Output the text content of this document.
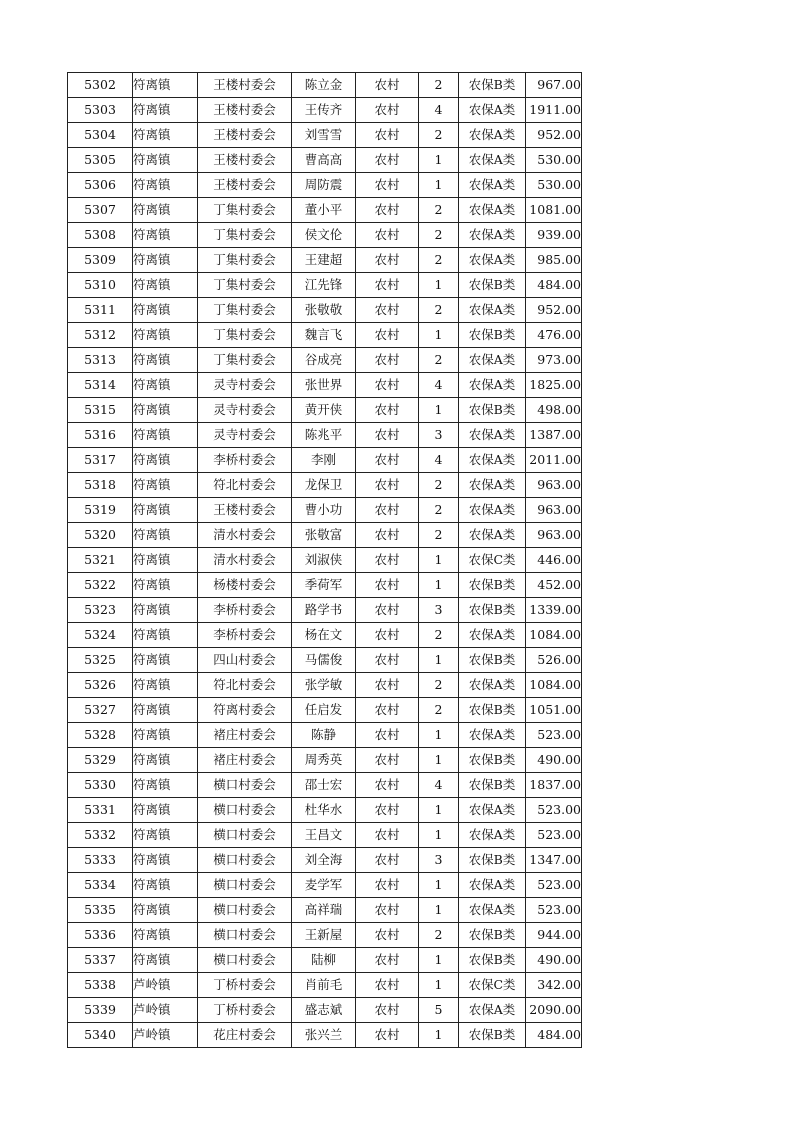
5302	符离镇	王楼村委会	陈立金	农村	2	农保B类	967.00
5303	符离镇	王楼村委会	王传齐	农村	4	农保A类	1911.00
5304	符离镇	王楼村委会	刘雪雪	农村	2	农保A类	952.00
5305	符离镇	王楼村委会	曹高高	农村	1	农保A类	530.00
5306	符离镇	王楼村委会	周防震	农村	1	农保A类	530.00
5307	符离镇	丁集村委会	董小平	农村	2	农保A类	1081.00
5308	符离镇	丁集村委会	侯文伦	农村	2	农保A类	939.00
5309	符离镇	丁集村委会	王建超	农村	2	农保A类	985.00
5310	符离镇	丁集村委会	江先锋	农村	1	农保B类	484.00
5311	符离镇	丁集村委会	张敬敬	农村	2	农保A类	952.00
5312	符离镇	丁集村委会	魏言飞	农村	1	农保B类	476.00
5313	符离镇	丁集村委会	谷成亮	农村	2	农保A类	973.00
5314	符离镇	灵寺村委会	张世界	农村	4	农保A类	1825.00
5315	符离镇	灵寺村委会	黄开侠	农村	1	农保B类	498.00
5316	符离镇	灵寺村委会	陈兆平	农村	3	农保A类	1387.00
5317	符离镇	李桥村委会	李刚	农村	4	农保A类	2011.00
5318	符离镇	符北村委会	龙保卫	农村	2	农保A类	963.00
5319	符离镇	王楼村委会	曹小功	农村	2	农保A类	963.00
5320	符离镇	清水村委会	张敬富	农村	2	农保A类	963.00
5321	符离镇	清水村委会	刘淑侠	农村	1	农保C类	446.00
5322	符离镇	杨楼村委会	季荷军	农村	1	农保B类	452.00
5323	符离镇	李桥村委会	路学书	农村	3	农保B类	1339.00
5324	符离镇	李桥村委会	杨在文	农村	2	农保A类	1084.00
5325	符离镇	四山村委会	马儒俊	农村	1	农保B类	526.00
5326	符离镇	符北村委会	张学敏	农村	2	农保A类	1084.00
5327	符离镇	符离村委会	任启发	农村	2	农保B类	1051.00
5328	符离镇	褚庄村委会	陈静	农村	1	农保A类	523.00
5329	符离镇	褚庄村委会	周秀英	农村	1	农保B类	490.00
5330	符离镇	横口村委会	邵士宏	农村	4	农保B类	1837.00
5331	符离镇	横口村委会	杜华水	农村	1	农保A类	523.00
5332	符离镇	横口村委会	王昌文	农村	1	农保A类	523.00
5333	符离镇	横口村委会	刘全海	农村	3	农保B类	1347.00
5334	符离镇	横口村委会	麦学军	农村	1	农保A类	523.00
5335	符离镇	横口村委会	高祥瑞	农村	1	农保A类	523.00
5336	符离镇	横口村委会	王新屋	农村	2	农保B类	944.00
5337	符离镇	横口村委会	陆柳	农村	1	农保B类	490.00
5338	芦岭镇	丁桥村委会	肖前毛	农村	1	农保C类	342.00
5339	芦岭镇	丁桥村委会	盛志斌	农村	5	农保A类	2090.00
5340	芦岭镇	花庄村委会	张兴兰	农村	1	农保B类	484.00
